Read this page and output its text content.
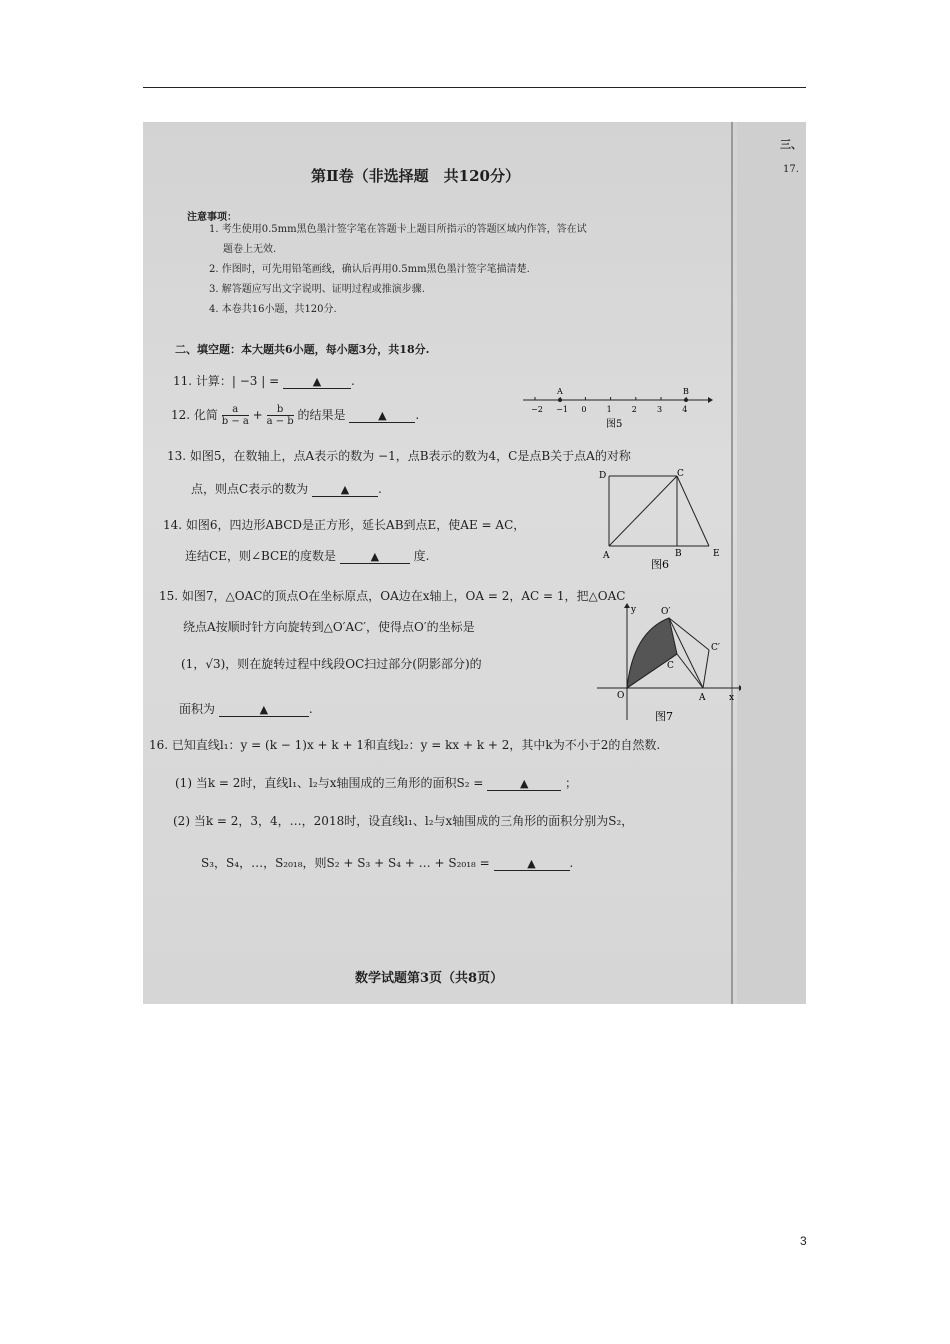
三、
17.
第Ⅱ卷（非选择题　共120分）
注意事项：
1. 考生使用0.5mm黑色墨汁签字笔在答题卡上题目所指示的答题区域内作答，答在试
题卷上无效.
2. 作图时，可先用铅笔画线，确认后再用0.5mm黑色墨汁签字笔描清楚.
3. 解答题应写出文字说明、证明过程或推演步骤.
4. 本卷共16小题，共120分.
二、填空题：本大题共6小题，每小题3分，共18分.
11. 计算：| −3 | =	▲ .
12. 化简 $\frac{a}{b - a} + \frac{b}{a - b}$ 的结果是	▲ .	−2 −1 0	1	2	3	4
A	B
图5
13. 如图5，在数轴上，点A表示的数为 −1，点B表示的数为4，C是点B关于点A的对称
点，则点C表示的数为	▲ .
D	C
A	B	E
图6
14. 如图6，四边形ABCD是正方形，延长AB到点E，使AE = AC，
连结CE，则∠BCE的度数是	▲	度.
15. 如图7，△OAC的顶点O在坐标原点，OA边在x轴上，OA = 2，AC = 1，把△OAC
绕点A按顺时针方向旋转到△O′AC′，使得点O′的坐标是
(1，√3)，则在旋转过程中线段OC扫过部分(阴影部分)的
面积为	▲	.
y	O′
C′
C
O	A	x
图7
16. 已知直线l₁：y = (k − 1)x + k + 1和直线l₂：y = kx + k + 2，其中k为不小于2的自然数.
(1) 当k = 2时，直线l₁、l₂与x轴围成的三角形的面积S₂ =	▲	；
(2) 当k = 2，3，4，…，2018时，设直线l₁、l₂与x轴围成的三角形的面积分别为S₂，
S₃，S₄，…，S₂₀₁₈，则S₂ + S₃ + S₄ + … + S₂₀₁₈ =	▲	.
数学试题第3页（共8页）
3
